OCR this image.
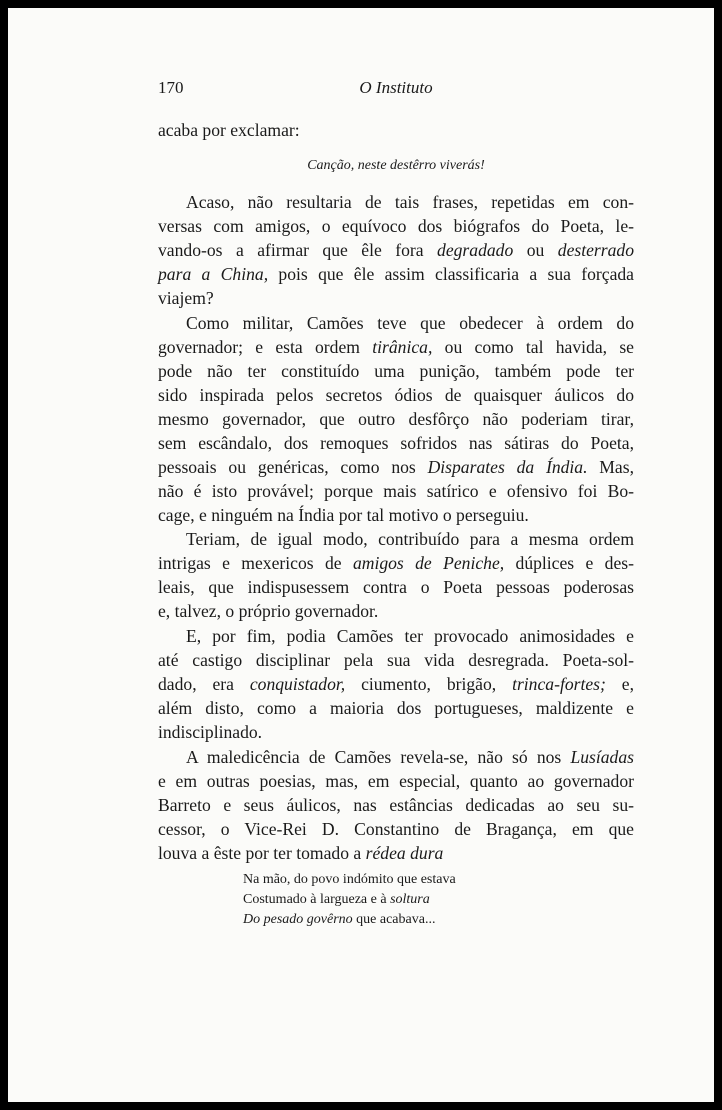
170	O Instituto
acaba por exclamar:
Canção, neste destêrro viverás!
Acaso, não resultaria de tais frases, repetidas em con-
versas com amigos, o equívoco dos biógrafos do Poeta, le-
vando-os a afirmar que êle fora degradado ou desterrado
para a China, pois que êle assim classificaria a sua forçada
viajem?
Como militar, Camões teve que obedecer à ordem do
governador; e esta ordem tirânica, ou como tal havida, se
pode não ter constituído uma punição, também pode ter
sido inspirada pelos secretos ódios de quaisquer áulicos do
mesmo governador, que outro desfôrço não poderiam tirar,
sem escândalo, dos remoques sofridos nas sátiras do Poeta,
pessoais ou genéricas, como nos Disparates da Índia. Mas,
não é isto provável; porque mais satírico e ofensivo foi Bo-
cage, e ninguém na Índia por tal motivo o perseguiu.
Teriam, de igual modo, contribuído para a mesma ordem
intrigas e mexericos de amigos de Peniche, dúplices e des-
leais, que indispusessem contra o Poeta pessoas poderosas
e, talvez, o próprio governador.
E, por fim, podia Camões ter provocado animosidades e
até castigo disciplinar pela sua vida desregrada. Poeta-sol-
dado, era conquistador, ciumento, brigão, trinca-fortes; e,
além disto, como a maioria dos portugueses, maldizente e
indisciplinado.
A maledicência de Camões revela-se, não só nos Lusíadas
e em outras poesias, mas, em especial, quanto ao governador
Barreto e seus áulicos, nas estâncias dedicadas ao seu su-
cessor, o Vice-Rei D. Constantino de Bragança, em que
louva a êste por ter tomado a rédea dura
Na mão, do povo indómito que estava
Costumado à largueza e à soltura
Do pesado govêrno que acabava...
